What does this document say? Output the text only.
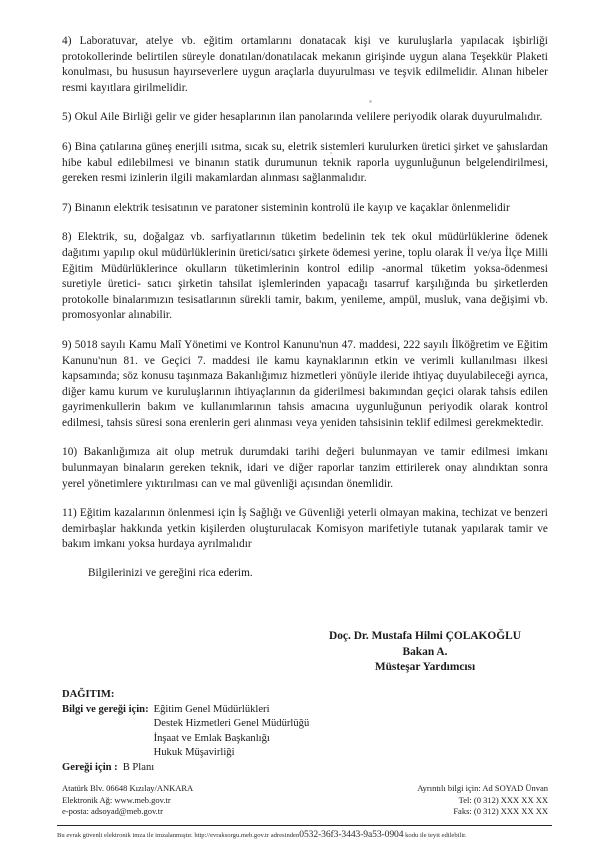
4) Laboratuvar, atelye vb. eğitim ortamlarını donatacak kişi ve kuruluşlarla yapılacak işbirliği protokollerinde belirtilen süreyle donatılan/donatılacak mekanın girişinde uygun alana Teşekkür Plaketi konulması, bu hususun hayırseverlere uygun araçlarla duyurulması ve teşvik edilmelidir. Alınan hibeler resmi kayıtlara girilmelidir.

5) Okul Aile Birliği gelir ve gider hesaplarının ilan panolarında velilere periyodik olarak duyurulmalıdır.

6) Bina çatılarına güneş enerjili ısıtma, sıcak su, eletrik sistemleri kurulurken üretici şirket ve şahıslardan hibe kabul edilebilmesi ve binanın statik durumunun teknik raporla uygunluğunun belgelendirilmesi, gereken resmi izinlerin ilgili makamlardan alınması sağlanmalıdır.

7) Binanın elektrik tesisatının ve paratoner sisteminin kontrolü ile kayıp ve kaçaklar önlenmelidir

8) Elektrik, su, doğalgaz vb. sarfiyatlarının tüketim bedelinin tek tek okul müdürlüklerine ödenek dağıtımı yapılıp okul müdürlüklerinin üretici/satıcı şirkete ödemesi yerine, toplu olarak İl ve/ya İlçe Milli Eğitim Müdürlüklerince okulların tüketimlerinin kontrol edilip -anormal tüketim yoksa-ödenmesi suretiyle üretici- satıcı şirketin tahsilat işlemlerinden yapacağı tasarruf karşılığında bu şirketlerden protokolle binalarımızın tesisatlarının sürekli tamir, bakım, yenileme, ampül, musluk, vana değişimi vb. promosyonlar alınabilir.

9) 5018 sayılı Kamu Malî Yönetimi ve Kontrol Kanunu'nun 47. maddesi, 222 sayılı İlköğretim ve Eğitim Kanunu'nun 81. ve Geçici 7. maddesi ile kamu kaynaklarının etkin ve verimli kullanılması ilkesi kapsamında; söz konusu taşınmaza Bakanlığımız hizmetleri yönüyle ileride ihtiyaç duyulabileceği ayrıca, diğer kamu kurum ve kuruluşlarının ihtiyaçlarının da giderilmesi bakımından geçici olarak tahsis edilen gayrimenkullerin bakım ve kullanımlarının tahsis amacına uygunluğunun periyodik olarak kontrol edilmesi, tahsis süresi sona erenlerin geri alınması veya yeniden tahsisinin teklif edilmesi gerekmektedir.

10) Bakanlığımıza ait olup metruk durumdaki tarihi değeri bulunmayan ve tamir edilmesi imkanı bulunmayan binaların gereken teknik, idari ve diğer raporlar tanzim ettirilerek onay alındıktan sonra yerel yönetimlere yıktırılması can ve mal güvenliği açısından önemlidir.

11) Eğitim kazalarının önlenmesi için İş Sağlığı ve Güvenliği yeterli olmayan makina, techizat ve benzeri demirbaşlar hakkında yetkin kişilerden oluşturulacak Komisyon marifetiyle tutanak yapılarak tamir ve bakım imkanı yoksa hurdaya ayrılmalıdır

Bilgilerinizi ve gereğini rica ederim.
Doç. Dr. Mustafa Hilmi ÇOLAKOĞLU
Bakan A.
Müsteşar Yardımcısı
DAĞITIM:
Bilgi ve gereği için: Eğitim Genel Müdürlükleri
Destek Hizmetleri Genel Müdürlüğü
İnşaat ve Emlak Başkanlığı
Hukuk Müşavirliği
Gereği için : B Planı
Atatürk Blv. 06648 Kızılay/ANKARA
Elektronik Ağ: www.meb.gov.tr
e-posta: adsoyad@meb.gov.tr
Ayrıntılı bilgi için: Ad SOYAD Ünvan
Tel: (0 312) XXX XX XX
Faks: (0 312) XXX XX XX
Bu evrak güvenli elektronik imza ile imzalanmıştır. http://evraksorgu.meb.gov.tr adresinden0532-36f3-3443-9a53-0904 kodu ile teyit edilebilir.
